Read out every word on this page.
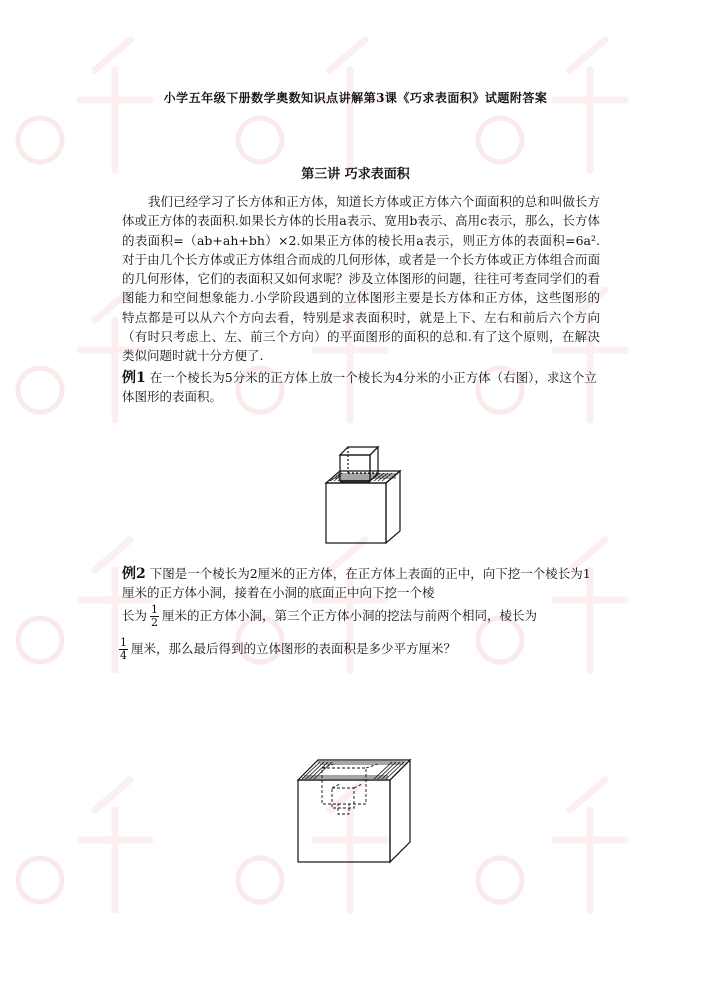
小学五年级下册数学奥数知识点讲解第3课《巧求表面积》试题附答案
第三讲 巧求表面积
我们已经学习了长方体和正方体，知道长方体或正方体六个面面积的总和叫做长方体或正方体的表面积.如果长方体的长用a表示、宽用b表示、高用c表示，那么，长方体的表面积=（ab+ah+bh）×2.如果正方体的棱长用a表示，则正方体的表面积=6a².对于由几个长方体或正方体组合而成的几何形体，或者是一个长方体或正方体组合而面的几何形体，它们的表面积又如何求呢？涉及立体图形的问题，往往可考查同学们的看图能力和空间想象能力.小学阶段遇到的立体图形主要是长方体和正方体，这些图形的特点都是可以从六个方向去看，特别是求表面积时，就是上下、左右和前后六个方向（有时只考虑上、左、前三个方向）的平面图形的面积的总和.有了这个原则，在解决类似问题时就十分方便了.
例1 在一个棱长为5分米的正方体上放一个棱长为4分米的小正方体（右图），求这个立体图形的表面积。
例2 下图是一个棱长为2厘米的正方体，在正方体上表面的正中，向下挖一个棱长为1厘米的正方体小洞，接着在小洞的底面正中向下挖一个棱
长为 $\frac{1}{2}$ 厘米的正方体小洞，第三个正方体小洞的挖法与前两个相同，棱长为
$\frac{1}{4}$ 厘米，那么最后得到的立体图形的表面积是多少平方厘米？
